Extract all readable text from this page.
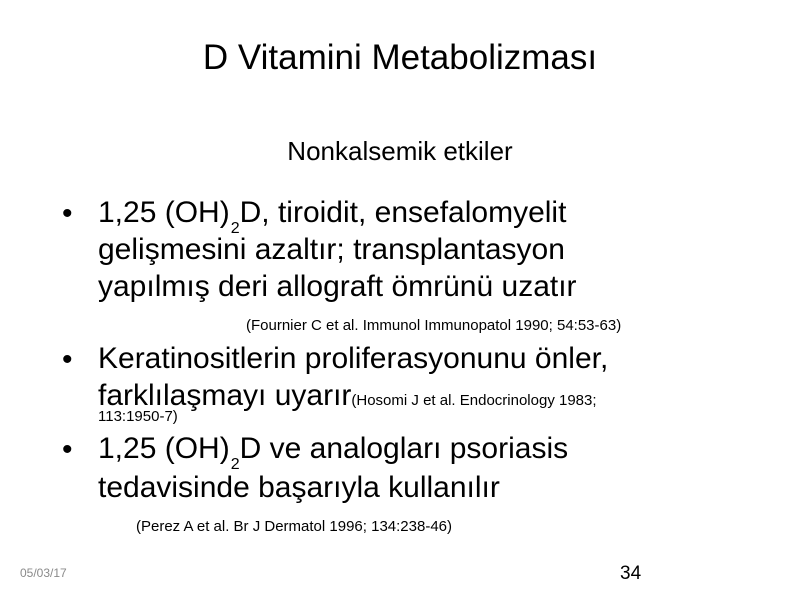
D Vitamini Metabolizması
Nonkalsemik etkiler
• 1,25 $(OH)_2D$, tiroidit, ensefalomyelit
gelişmesini azaltır; transplantasyon
yapılmış deri allograft ömrünü uzatır
(Fournier C et al. Immunol Immunopatol 1990; 54:53-63)
• Keratinositlerin proliferasyonunu önler,
farklılaşmayı uyarır(Hosomi J et al. Endocrinology 1983;
113:1950-7)
• 1,25 $(OH)_2D$ ve analogları psoriasis
tedavisinde başarıyla kullanılır
(Perez A et al. Br J Dermatol 1996; 134:238-46)
05/03/17	34
